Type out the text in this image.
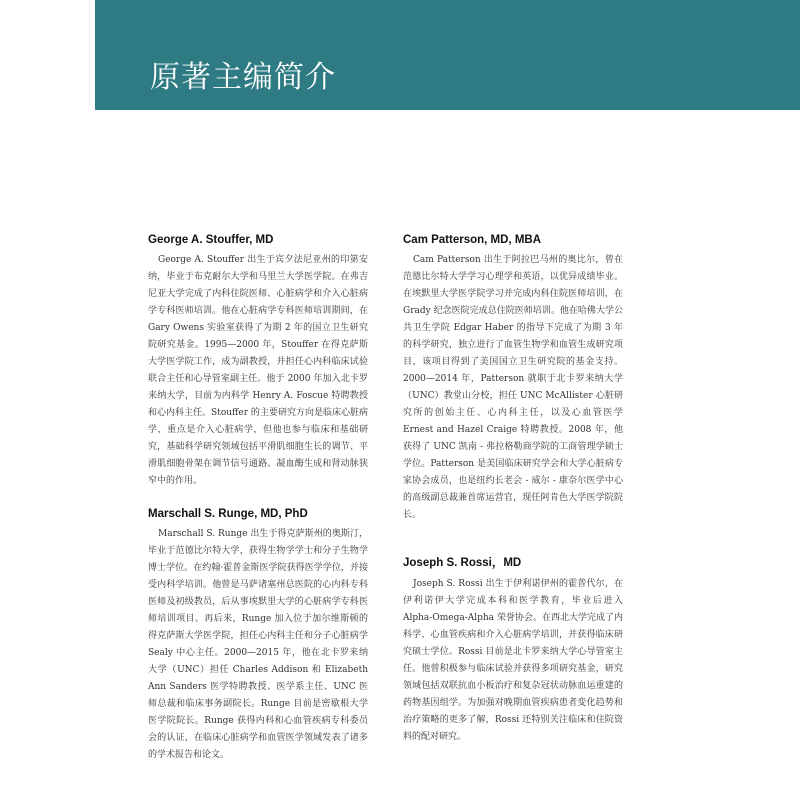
原著主编简介
George A. Stouffer, MD

George A. Stouffer 出生于宾夕法尼亚州的印第安纳，毕业于布克耐尔大学和马里兰大学医学院。在弗吉尼亚大学完成了内科住院医师、心脏病学和介入心脏病学专科医师培训。他在心脏病学专科医师培训期间，在 Gary Owens 实验室获得了为期 2 年的国立卫生研究院研究基金。1995—2000 年，Stouffer 在得克萨斯大学医学院工作，成为副教授，并担任心内科临床试验联合主任和心导管室副主任。他于 2000 年加入北卡罗来纳大学，目前为内科学 Henry A. Foscue 特聘教授和心内科主任。Stouffer 的主要研究方向是临床心脏病学，重点是介入心脏病学，但他也参与临床和基础研究，基础科学研究领域包括平滑肌细胞生长的调节、平滑肌细胞骨架在调节信号通路、凝血酶生成和肾动脉狭窄中的作用。

Marschall S. Runge, MD, PhD

Marschall S. Runge 出生于得克萨斯州的奥斯汀，毕业于范德比尔特大学，获得生物学学士和分子生物学博士学位。在约翰·霍普金斯医学院获得医学学位，并接受内科学培训。他曾是马萨诸塞州总医院的心内科专科医师及初级教员，后从事埃默里大学的心脏病学专科医师培训项目。再后来，Runge 加入位于加尔维斯顿的得克萨斯大学医学院，担任心内科主任和分子心脏病学 Sealy 中心主任。2000—2015 年，他在北卡罗来纳大学（UNC）担任 Charles Addison 和 Elizabeth Ann Sanders 医学特聘教授、医学系主任、UNC 医师总裁和临床事务副院长。Runge 目前是密歇根大学医学院院长。Runge 获得内科和心血管疾病专科委员会的认证，在临床心脏病学和血管医学领域发表了诸多的学术报告和论文。

Cam Patterson, MD, MBA

Cam Patterson 出生于阿拉巴马州的奥比尔，曾在范德比尔特大学学习心理学和英语，以优异成绩毕业。在埃默里大学医学院学习并完成内科住院医师培训，在 Grady 纪念医院完成总住院医师培训。他在哈佛大学公共卫生学院 Edgar Haber 的指导下完成了为期 3 年的科学研究，独立进行了血管生物学和血管生成研究项目，该项目得到了美国国立卫生研究院的基金支持。2000—2014 年，Patterson 就职于北卡罗来纳大学（UNC）教堂山分校，担任 UNC McAllister 心脏研究所的创始主任、心内科主任，以及心血管医学 Ernest and Hazel Craige 特聘教授。2008 年，他获得了 UNC 凯南 - 弗拉格勒商学院的工商管理学硕士学位。Patterson 是美国临床研究学会和大学心脏病专家协会成员，也是纽约长老会 - 威尔 - 康奈尔医学中心的高级副总裁兼首席运营官，现任阿肯色大学医学院院长。

Joseph S. Rossi，MD

Joseph S. Rossi 出生于伊利诺伊州的霍普代尔，在伊利诺伊大学完成本科和医学教育，毕业后进入 Alpha-Omega-Alpha 荣誉协会。在西北大学完成了内科学、心血管疾病和介入心脏病学培训，并获得临床研究硕士学位。Rossi 目前是北卡罗来纳大学心导管室主任。他曾积极参与临床试验并获得多项研究基金，研究领域包括双联抗血小板治疗和复杂冠状动脉血运重建的药物基因组学。为加强对晚期血管疾病患者变化趋势和治疗策略的更多了解，Rossi 还特别关注临床和住院资料的配对研究。
